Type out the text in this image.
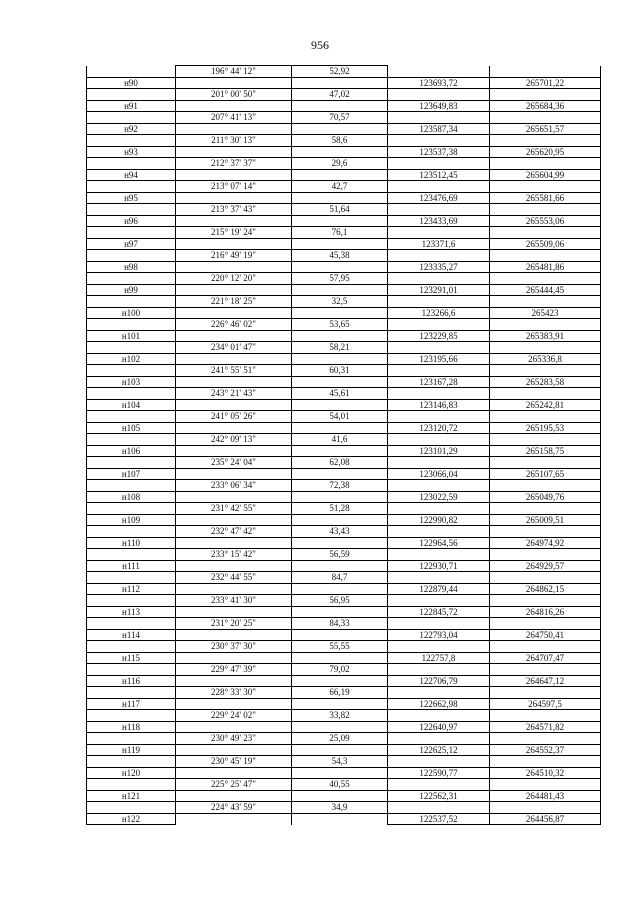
956
	196° 44' 12"	52,92		
н90			123693,72	265701,22
	201° 00' 50"	47,02		
н91			123649,83	265684,36
	207° 41' 13"	70,57		
н92			123587,34	265651,57
	211° 30' 13"	58,6		
н93			123537,38	265620,95
	212° 37' 37"	29,6		
н94			123512,45	265604,99
	213° 07' 14"	42,7		
н95			123476,69	265581,66
	213° 37' 43"	51,64		
н96			123433,69	265553,06
	215° 19' 24"	76,1		
н97			123371,6	265509,06
	216° 49' 19"	45,38		
н98			123335,27	265481,86
	220° 12' 20"	57,95		
н99			123291,01	265444,45
	221° 18' 25"	32,5		
н100			123266,6	265423
	226° 46' 02"	53,65		
н101			123229,85	265383,91
	234° 01' 47"	58,21		
н102			123195,66	265336,8
	241° 55' 51"	60,31		
н103			123167,28	265283,58
	243° 21' 43"	45,61		
н104			123146,83	265242,81
	241° 05' 26"	54,01		
н105			123120,72	265195,53
	242° 09' 13"	41,6		
н106			123101,29	265158,75
	235° 24' 04"	62,08		
н107			123066,04	265107,65
	233° 06' 34"	72,38		
н108			123022,59	265049,76
	231° 42' 55"	51,28		
н109			122990,82	265009,51
	232° 47' 42"	43,43		
н110			122964,56	264974,92
	233° 15' 42"	56,59		
н111			122930,71	264929,57
	232° 44' 55"	84,7		
н112			122879,44	264862,15
	233° 41' 30"	56,95		
н113			122845,72	264816,26
	231° 20' 25"	84,33		
н114			122793,04	264750,41
	230° 37' 30"	55,55		
н115			122757,8	264707,47
	229° 47' 39"	79,02		
н116			122706,79	264647,12
	228° 33' 30"	66,19		
н117			122662,98	264597,5
	229° 24' 02"	33,82		
н118			122640,97	264571,82
	230° 49' 23"	25,09		
н119			122625,12	264552,37
	230° 45' 19"	54,3		
н120			122590,77	264510,32
	225° 25' 47"	40,55		
н121			122562,31	264481,43
	224° 43' 59"	34,9		
н122			122537,52	264456,87
